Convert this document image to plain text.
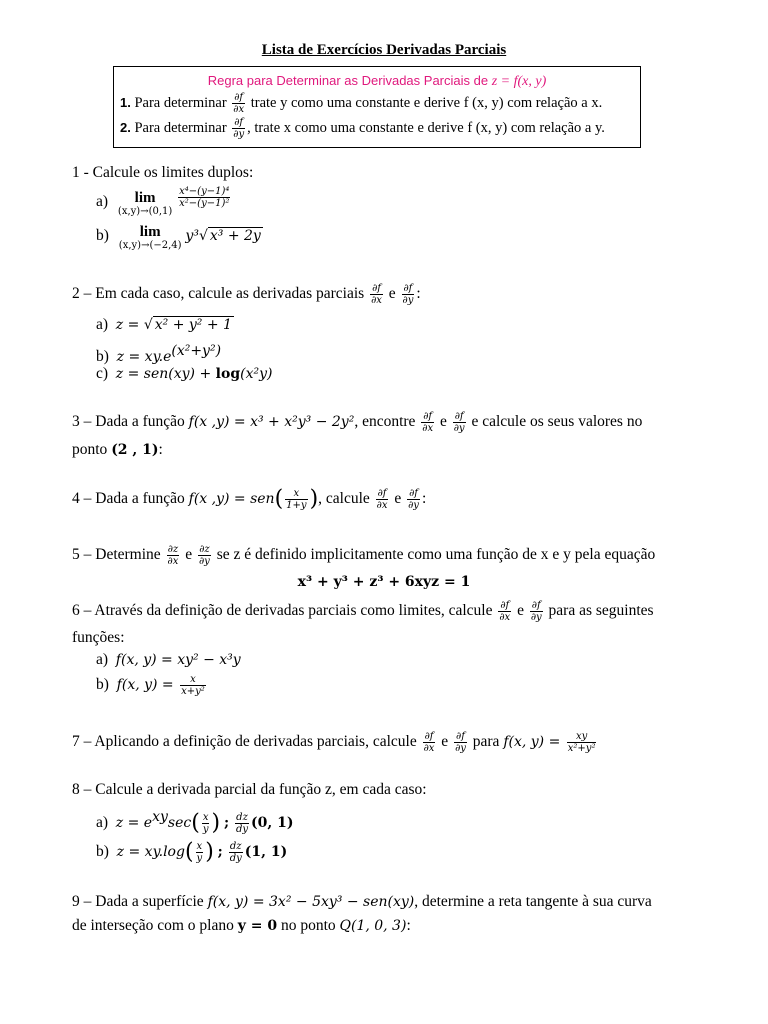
Lista de Exercícios Derivadas Parciais
Regra para Determinar as Derivadas Parciais de z = f(x, y)
1. Para determinar $\frac{\partial f}{\partial x}$ trate y como uma constante e derive f (x, y) com relação a x.
2. Para determinar $\frac{\partial f}{\partial y}$ , trate x como uma constante e derive f (x, y) com relação a y.
1 - Calcule os limites duplos:
a)	lim
(x,y)→(0,1)

$\frac{\text{x⁴−(y−1)⁴}}{\text{x²−(y−1)²}}$
b)	lim
(x,y)→(−2,4)
y³√ x³ + 2y
2 – Em cada caso, calcule as derivadas parciais $\frac{\partial f}{\partial x}$ e $\frac{\partial f}{\partial y}$ :
a) z = √ x² + y² + 1
b) $z = xy.e^{(x^2+y^2)}$
c) z = sen(xy) + log(x²y)
3 – Dada a função f(x ,y) = x³ + x²y³ − 2y², encontre $\frac{\partial f}{\partial x}$ e $\frac{\partial f}{\partial y}$ e calcule os seus valores no
ponto (2 , 1):
4 – Dada a função f(x $,y) = sen( \frac{x}{1+y}$ ), calcule $\frac{\partial f}{\partial x}$ e $\frac{\partial f}{\partial y}$ :
5 – Determine $\frac{\partial z}{\partial x}$ e $\frac{\partial z}{\partial y}$ se z é definido implicitamente como uma função de x e y pela equação
x³ + y³ + z³ + 6xyz = 1
6 – Através da definição de derivadas parciais como limites, calcule $\frac{\partial f}{\partial x}$ e $\frac{\partial f}{\partial y}$ para as seguintes
funções:
a) f(x, y) = xy² − x³y
b) f(x, $y) = \frac{x}{\text{x+y²}}$
7 – Aplicando a definição de derivadas parciais, calcule $\frac{\partial f}{\partial x}$ e $\frac{\partial f}{\partial y}$ para f(x, $y) = \frac{xy}{\text{x²+y²}}$
8 – Calcule a derivada parcial da função z, em cada caso:
a) $z = e^{xy}\sec( \frac{x}{y}$ ) ; $\frac{dz}{dy} (0$, 1)
b) $z = xy.\log( \frac{x}{y}$ ) ; $\frac{dz}{dy} (1$, 1)
9 – Dada a superfície f(x, y) = 3x² − 5xy³ − sen(xy), determine a reta tangente à sua curva
de interseção com o plano y = 0 no ponto Q(1, 0, 3):
